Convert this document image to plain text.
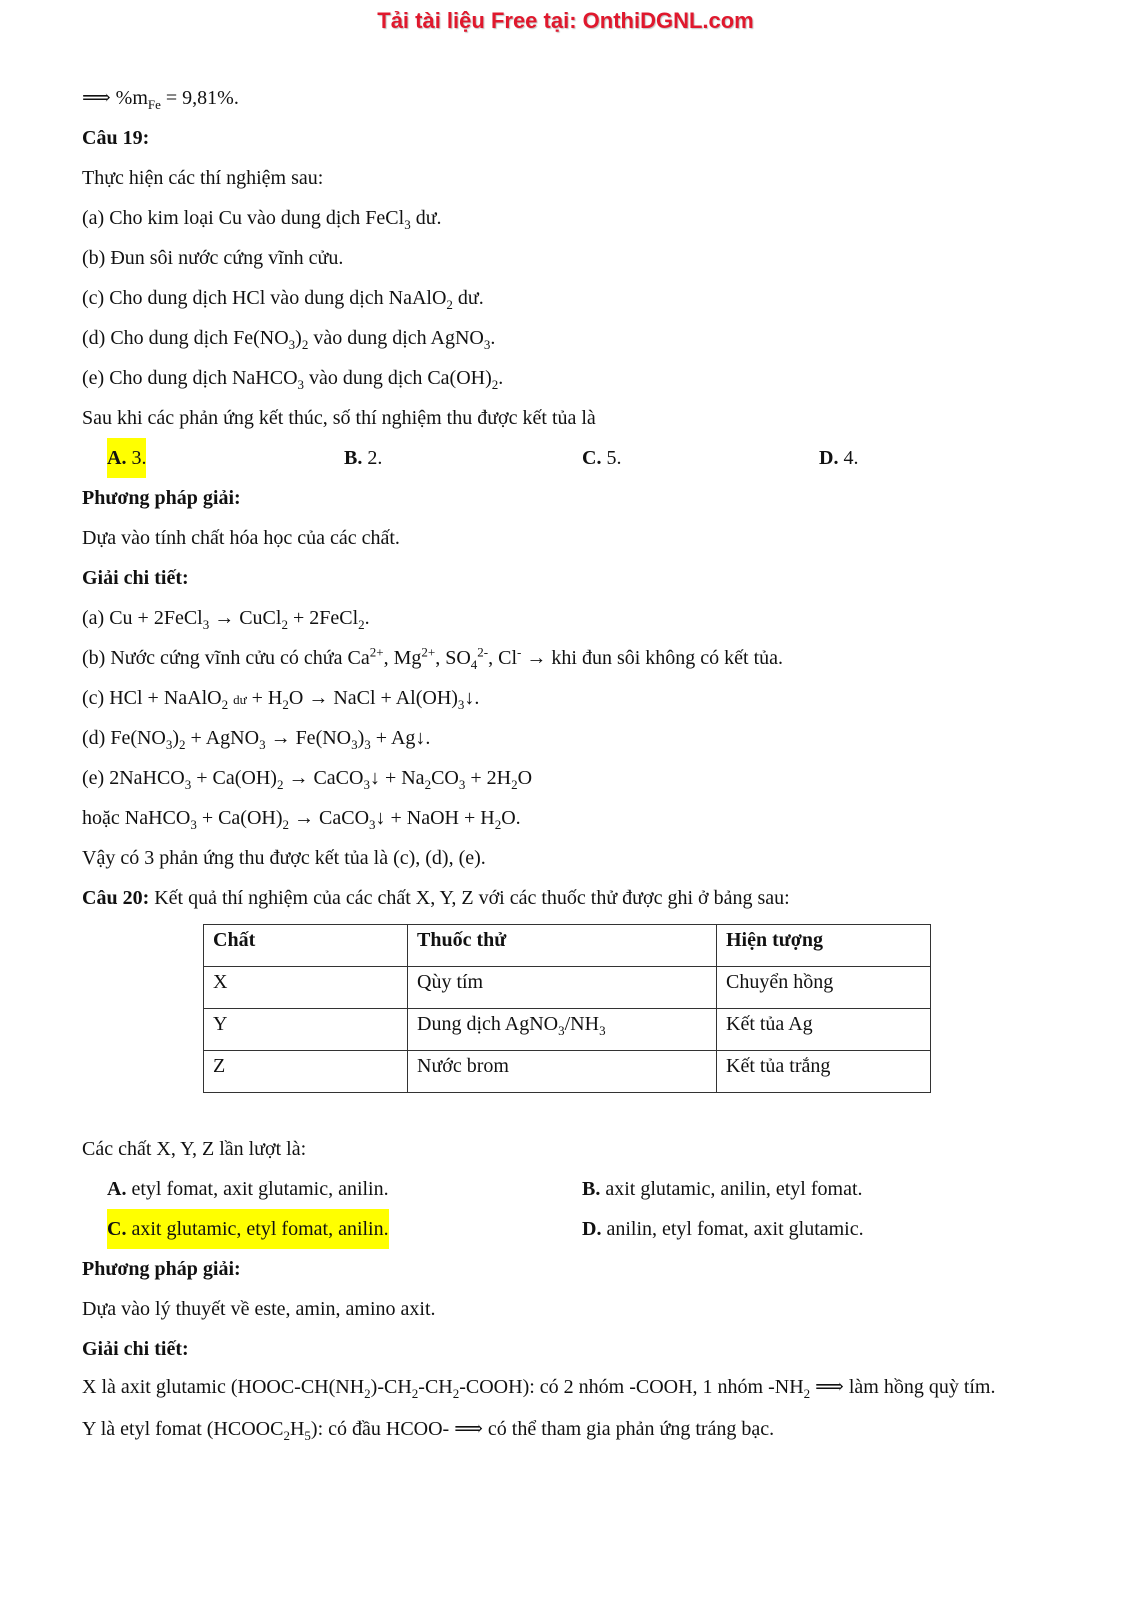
Tải tài liệu Free tại: OnthiDGNL.com

⟹ $\%m_{Fe} = 9,81\%$.

Câu 19:

Thực hiện các thí nghiệm sau:

(a) Cho kim loại Cu vào dung dịch FeCl$_3$ dư.

(b) Đun sôi nước cứng vĩnh cửu.

(c) Cho dung dịch HCl vào dung dịch NaAlO$_2$ dư.

(d) Cho dung dịch $Fe(NO_3)_2$ vào dung dịch AgNO$_3$.

(e) Cho dung dịch NaHCO$_3$ vào dung dịch $Ca(OH)_2$.

Sau khi các phản ứng kết thúc, số thí nghiệm thu được kết tủa là

A. 3.	B. 2.	C. 5.	D. 4.

Phương pháp giải:

Dựa vào tính chất hóa học của các chất.

Giải chi tiết:

(a) Cu + 2FeCl$_3$ → CuCl$_2$ + 2FeCl$_2$.

(b) Nước cứng vĩnh cửu có chứa $Ca^{2+}$, $Mg^{2+}$, $SO_4^{2-}$, Cl- → khi đun sôi không có kết tủa.

(c) HCl + NaAlO$_2$ dư + $H_2O$ → NaCl + $Al(OH)_3↓$.

(d) $Fe(NO_3)_2$ + AgNO$_3$ → $Fe(NO_3)_3$ + Ag↓.

(e) 2NaHCO$_3$ + $Ca(OH)_2$ → CaCO$_3$↓ + $Na_2CO_3 + 2H_2O$

hoặc NaHCO$_3$ + $Ca(OH)_2$ → CaCO$_3$↓ + NaOH + $H_2O$.

Vậy có 3 phản ứng thu được kết tủa là (c), (d), (e).

Câu 20: Kết quả thí nghiệm của các chất X, Y, Z với các thuốc thử được ghi ở bảng sau:

Chất	Thuốc thử	Hiện tượng
X	Qùy tím	Chuyển hồng
Y	Dung dịch $AgNO_3/NH_3$	Kết tủa Ag
Z	Nước brom	Kết tủa trắng

Các chất X, Y, Z lần lượt là:

A. etyl fomat, axit glutamic, anilin.	B. axit glutamic, anilin, etyl fomat.
C. axit glutamic, etyl fomat, anilin.	D. anilin, etyl fomat, axit glutamic.

Phương pháp giải:

Dựa vào lý thuyết về este, amin, amino axit.

Giải chi tiết:

X là axit glutamic $(HOOC-CH(NH_2)-CH_2-CH_2-COOH)$: có 2 nhóm -COOH, 1 nhóm $-NH_2$ ⟹ làm hồng quỳ tím.

Y là etyl fomat $(HCOOC_2H_5)$: có đầu HCOO- ⟹ có thể tham gia phản ứng tráng bạc.
